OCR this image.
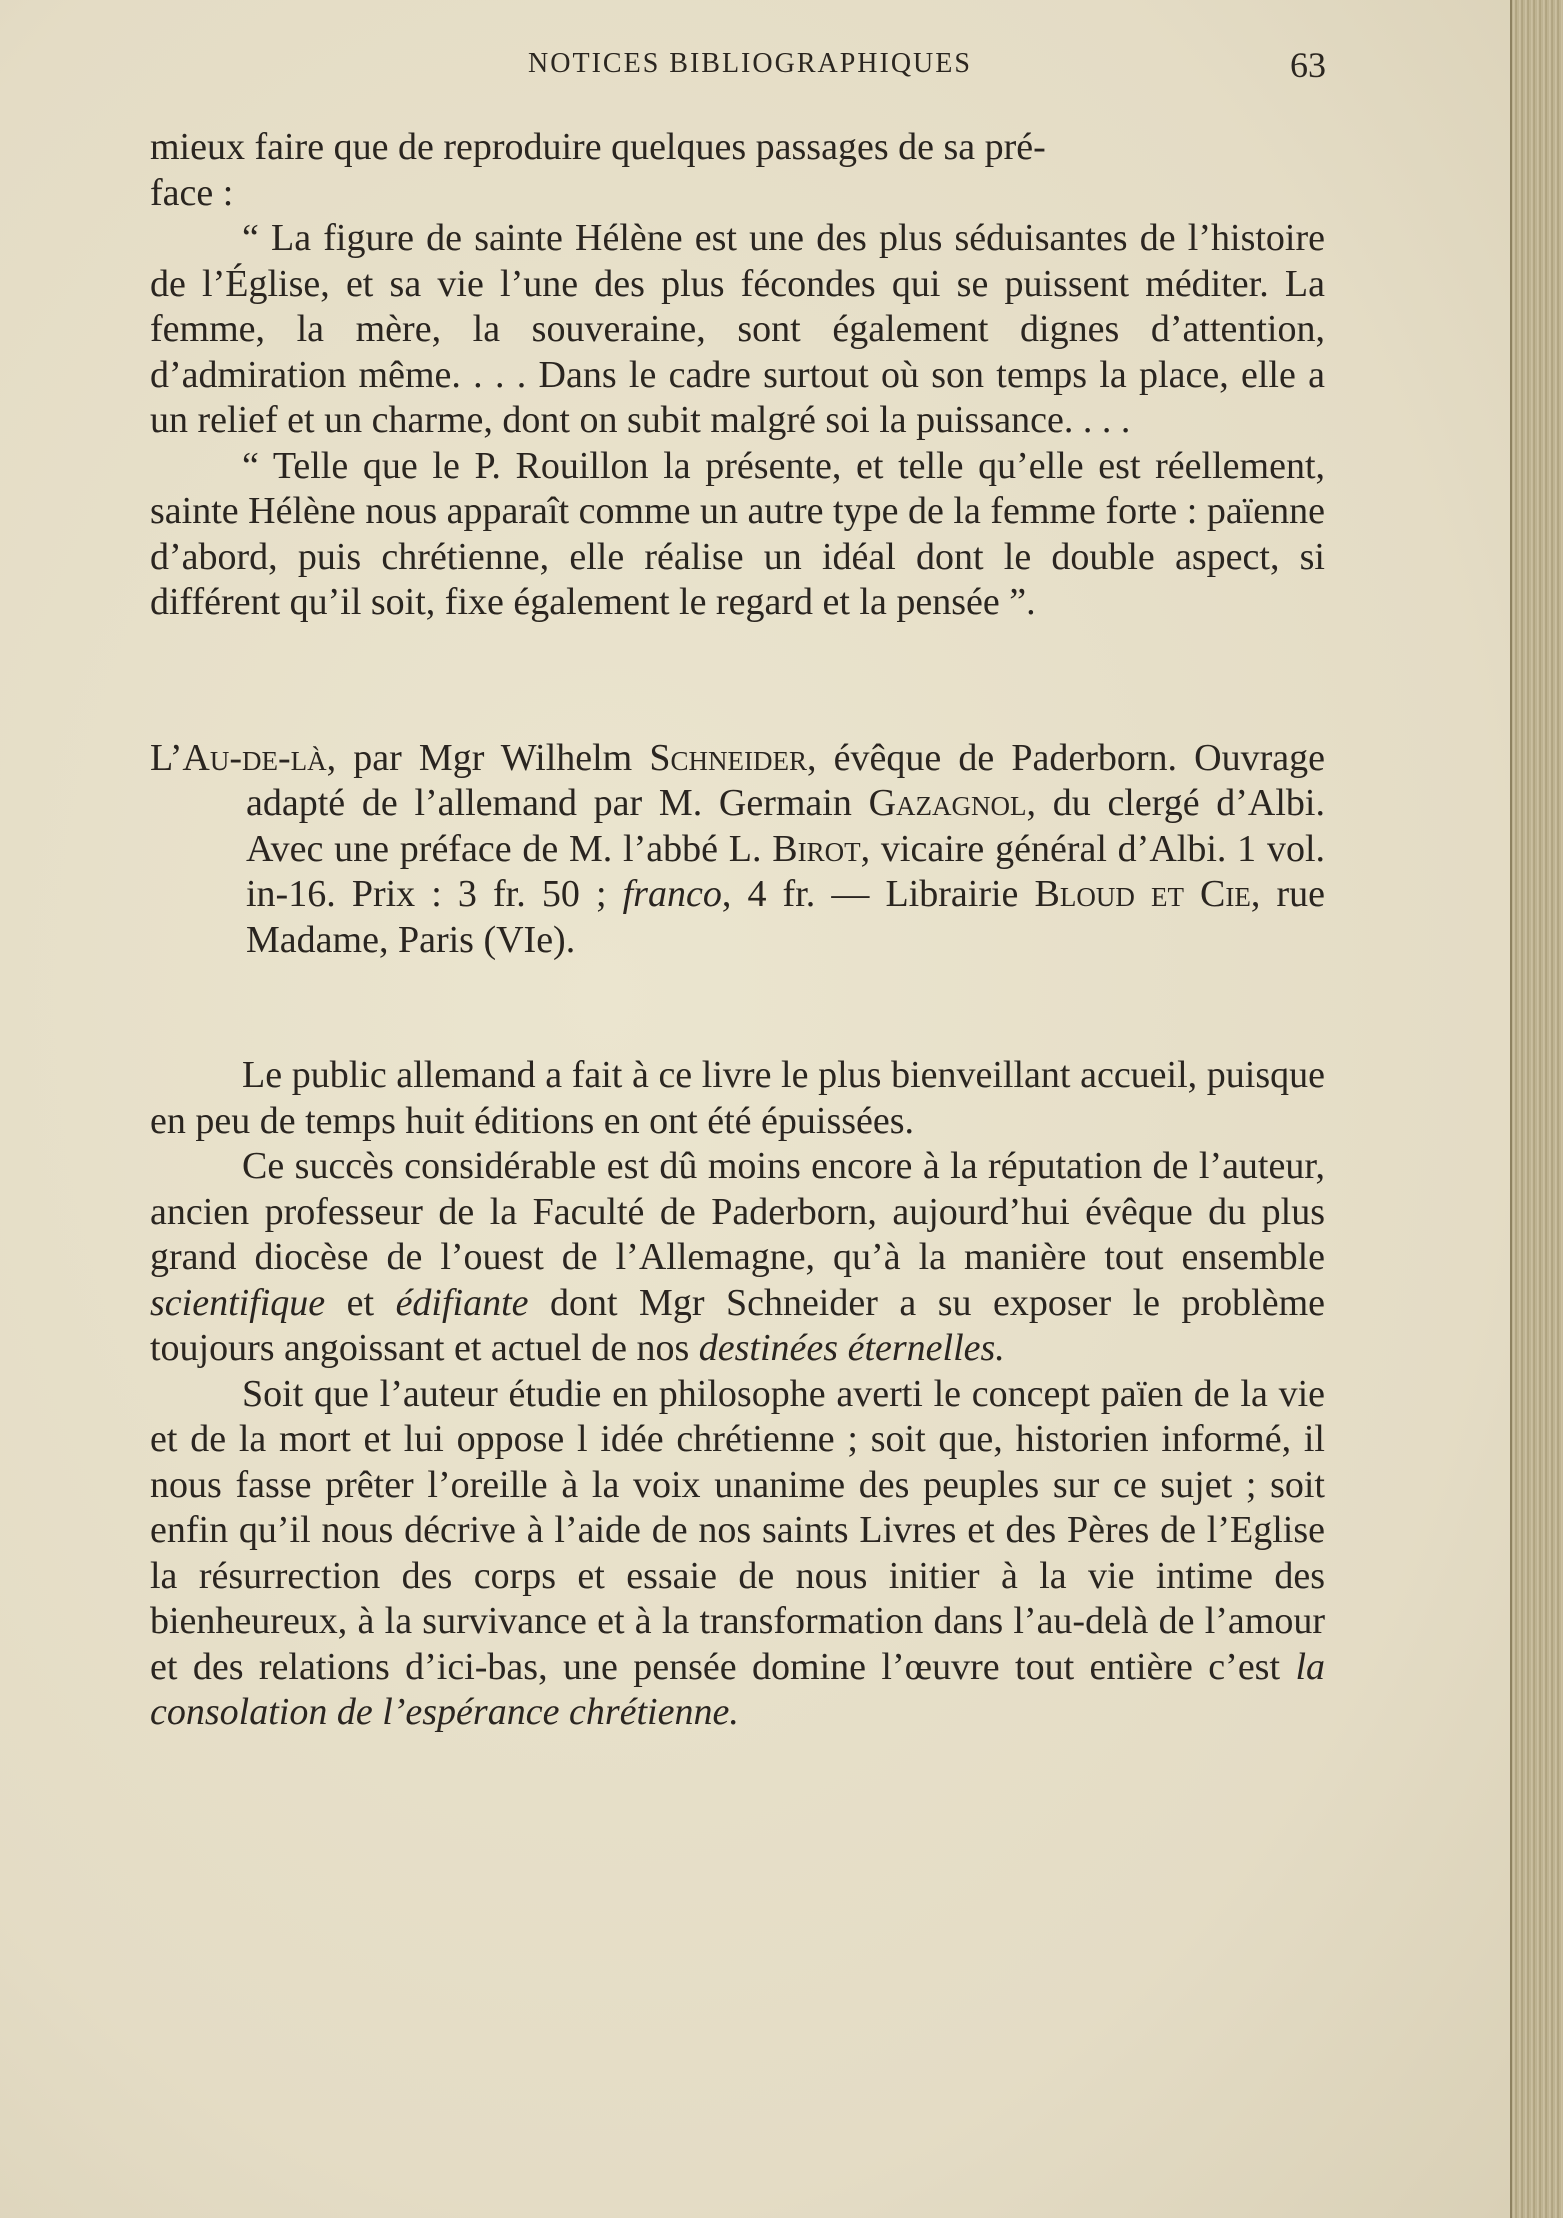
NOTICES BIBLIOGRAPHIQUES	63

mieux faire que de reproduire quelques passages de sa pré-
face :

“ La figure de sainte Hélène est une des plus séduisantes de l’histoire de l’Église, et sa vie l’une des plus fécondes qui se puissent méditer. La femme, la mère, la souveraine, sont également dignes d’attention, d’admiration même. . . . Dans le cadre surtout où son temps la place, elle a un relief et un charme, dont on subit malgré soi la puissance. . . .

“ Telle que le P. Rouillon la présente, et telle qu’elle est réellement, sainte Hélène nous apparaît comme un autre type de la femme forte : païenne d’abord, puis chrétienne, elle réalise un idéal dont le double aspect, si différent qu’il soit, fixe également le regard et la pensée ”.

L’Au-de-là, par Mgr Wilhelm Schneider, évêque de Paderborn. Ouvrage adapté de l’allemand par M. Germain Gazagnol, du clergé d’Albi. Avec une préface de M. l’abbé L. Birot, vicaire général d’Albi. 1 vol. in-16. Prix : 3 fr. 50 ; franco, 4 fr. — Librairie Bloud et Cie, rue Madame, Paris (VIe).

Le public allemand a fait à ce livre le plus bienveillant accueil, puisque en peu de temps huit éditions en ont été épuissées.

Ce succès considérable est dû moins encore à la réputation de l’auteur, ancien professeur de la Faculté de Paderborn, aujourd’hui évêque du plus grand diocèse de l’ouest de l’Allemagne, qu’à la manière tout ensemble scientifique et édifiante dont Mgr Schneider a su exposer le problème toujours angoissant et actuel de nos destinées éternelles.

Soit que l’auteur étudie en philosophe averti le concept païen de la vie et de la mort et lui oppose l idée chrétienne ; soit que, historien informé, il nous fasse prêter l’oreille à la voix unanime des peuples sur ce sujet ; soit enfin qu’il nous décrive à l’aide de nos saints Livres et des Pères de l’Eglise la résurrection des corps et essaie de nous initier à la vie intime des bienheureux, à la survivance et à la transformation dans l’au-delà de l’amour et des relations d’ici-bas, une pensée domine l’œuvre tout entière c’est la consolation de l’espérance chrétienne.
